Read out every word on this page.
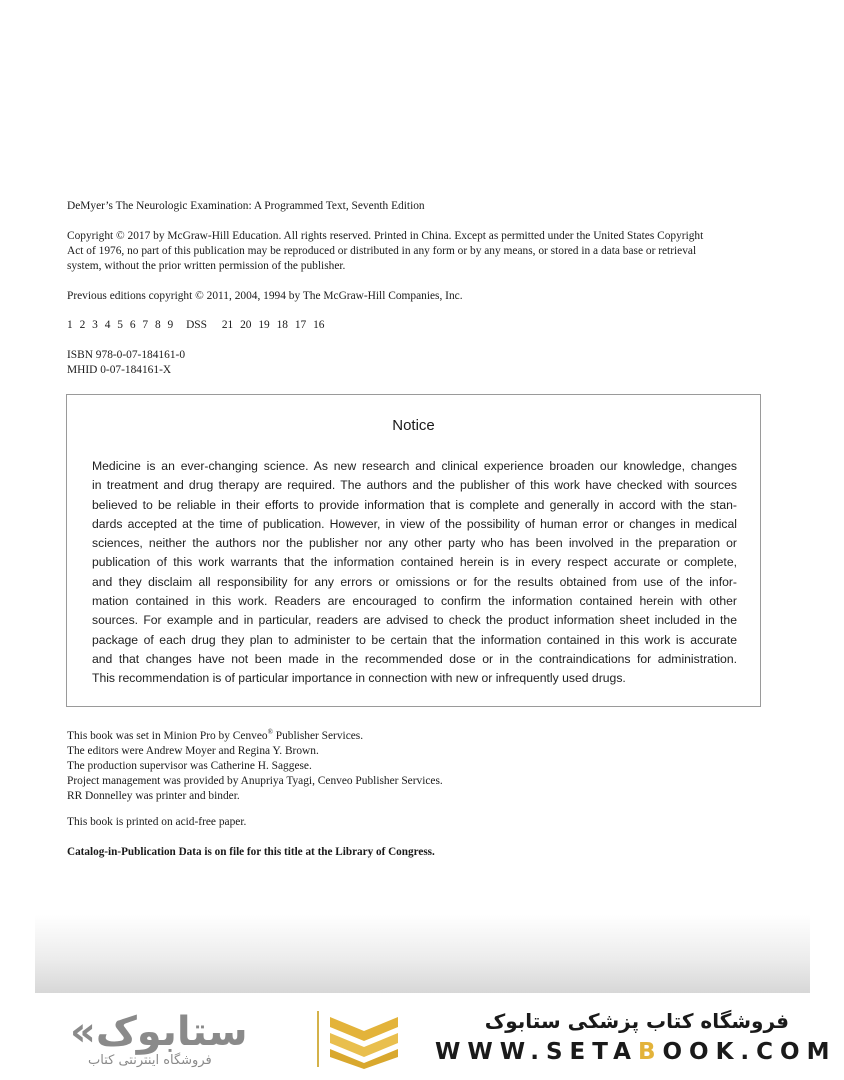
DeMyer’s The Neurologic Examination: A Programmed Text, Seventh Edition
Copyright © 2017 by McGraw-Hill Education. All rights reserved. Printed in China. Except as permitted under the United States Copyright
Act of 1976, no part of this publication may be reproduced or distributed in any form or by any means, or stored in a data base or retrieval
system, without the prior written permission of the publisher.
Previous editions copyright © 2011, 2004, 1994 by The McGraw-Hill Companies, Inc.
1 2 3 4 5 6 7 8 9 DSS 21 20 19 18 17 16
ISBN 978-0-07-184161-0
MHID 0-07-184161-X
Notice
Medicine is an ever-changing science. As new research and clinical experience broaden our knowledge, changes
in treatment and drug therapy are required. The authors and the publisher of this work have checked with sources
believed to be reliable in their efforts to provide information that is complete and generally in accord with the stan-
dards accepted at the time of publication. However, in view of the possibility of human error or changes in medical
sciences, neither the authors nor the publisher nor any other party who has been involved in the preparation or
publication of this work warrants that the information contained herein is in every respect accurate or complete,
and they disclaim all responsibility for any errors or omissions or for the results obtained from use of the infor-
mation contained in this work. Readers are encouraged to confirm the information contained herein with other
sources. For example and in particular, readers are advised to check the product information sheet included in the
package of each drug they plan to administer to be certain that the information contained in this work is accurate
and that changes have not been made in the recommended dose or in the contraindications for administration.
This recommendation is of particular importance in connection with new or infrequently used drugs.
This book was set in Minion Pro by Cenveo® Publisher Services.
The editors were Andrew Moyer and Regina Y. Brown.
The production supervisor was Catherine H. Saggese.
Project management was provided by Anupriya Tyagi, Cenveo Publisher Services.
RR Donnelley was printer and binder.
This book is printed on acid-free paper.
Catalog-in-Publication Data is on file for this title at the Library of Congress.
«ستابوک
فروشگاه اینترنتی کتاب
فروشگاه کتاب پزشکی ستابوک
WWW.SETABOOK.COM
